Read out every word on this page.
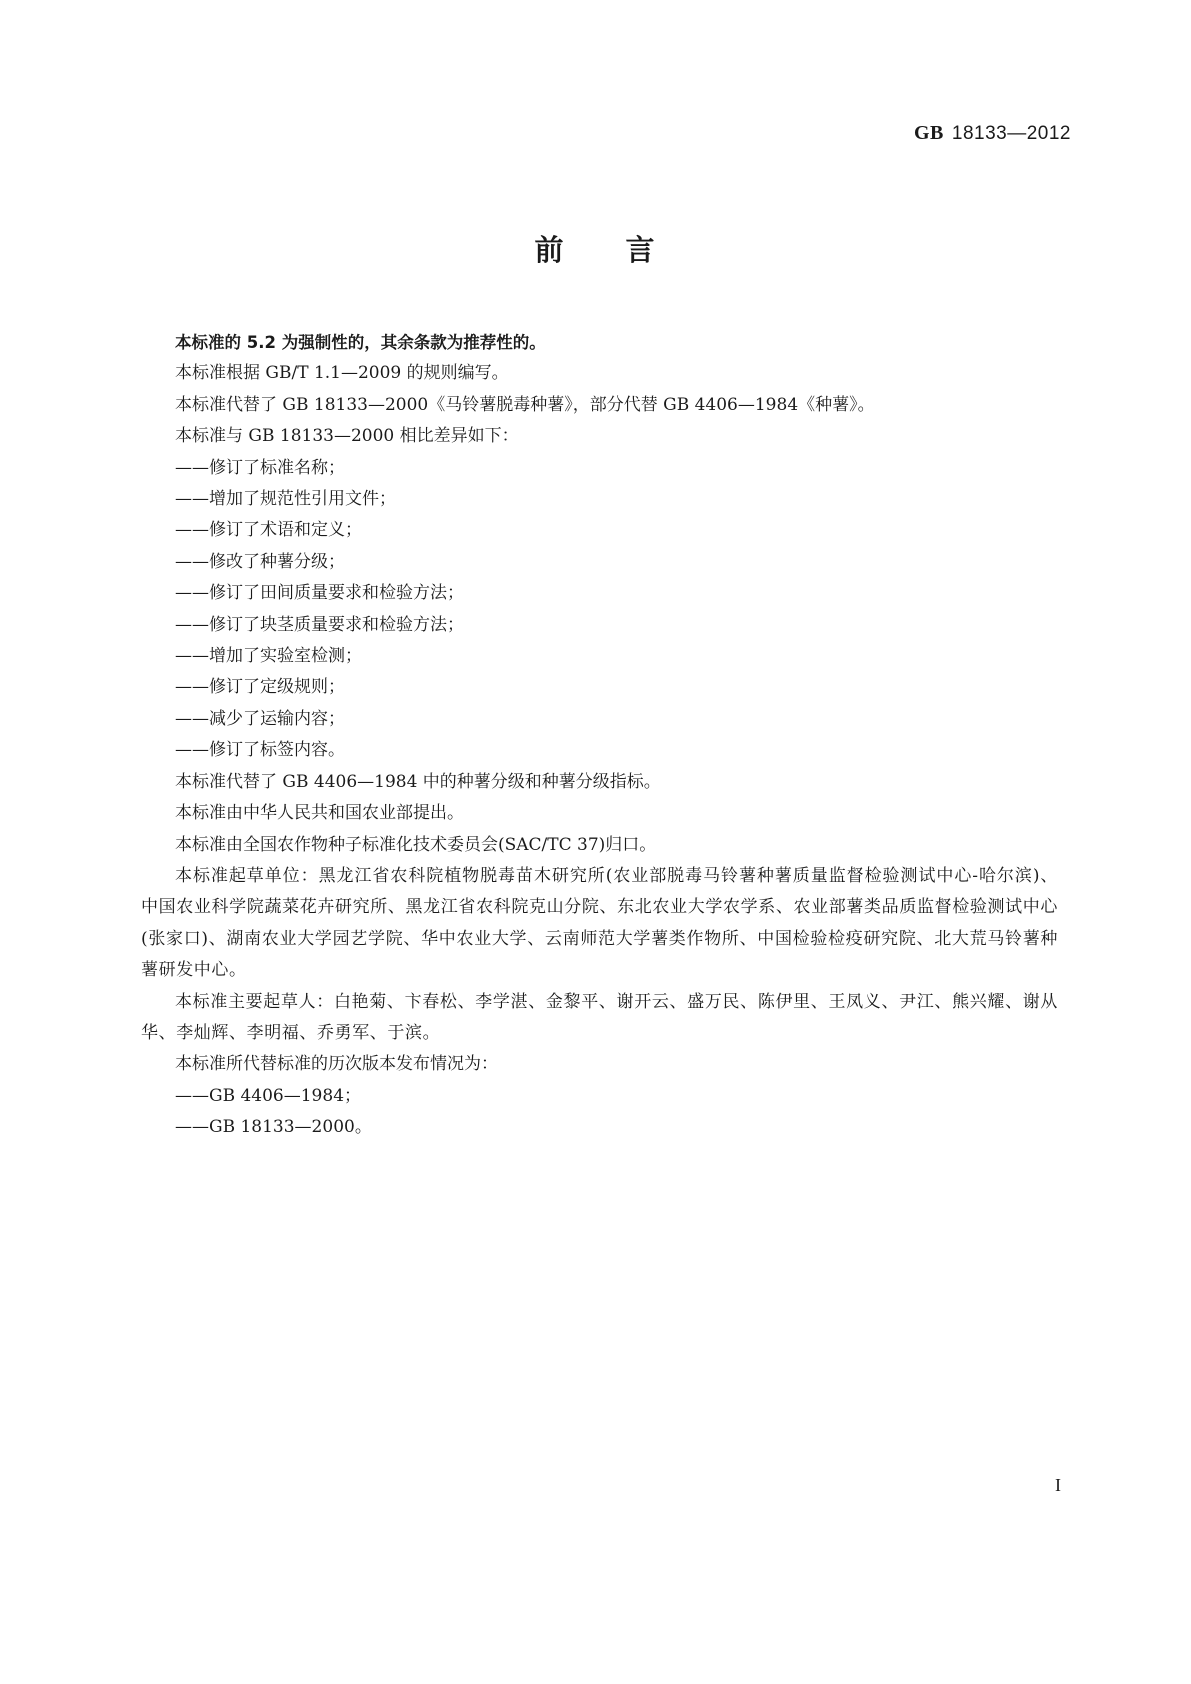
GB 18133—2012
前 言
本标准的 5.2 为强制性的，其余条款为推荐性的。
本标准根据 GB/T 1.1—2009 的规则编写。
本标准代替了 GB 18133—2000《马铃薯脱毒种薯》，部分代替 GB 4406—1984《种薯》。
本标准与 GB 18133—2000 相比差异如下：
——修订了标准名称；
——增加了规范性引用文件；
——修订了术语和定义；
——修改了种薯分级；
——修订了田间质量要求和检验方法；
——修订了块茎质量要求和检验方法；
——增加了实验室检测；
——修订了定级规则；
——减少了运输内容；
——修订了标签内容。
本标准代替了 GB 4406—1984 中的种薯分级和种薯分级指标。
本标准由中华人民共和国农业部提出。
本标准由全国农作物种子标准化技术委员会(SAC/TC 37)归口。
本标准起草单位：黑龙江省农科院植物脱毒苗木研究所(农业部脱毒马铃薯种薯质量监督检验测试中心-哈尔滨)、中国农业科学院蔬菜花卉研究所、黑龙江省农科院克山分院、东北农业大学农学系、农业部薯类品质监督检验测试中心(张家口)、湖南农业大学园艺学院、华中农业大学、云南师范大学薯类作物所、中国检验检疫研究院、北大荒马铃薯种薯研发中心。
本标准主要起草人：白艳菊、卞春松、李学湛、金黎平、谢开云、盛万民、陈伊里、王凤义、尹江、熊兴耀、谢从华、李灿辉、李明福、乔勇军、于滨。
本标准所代替标准的历次版本发布情况为：
——GB 4406—1984；
——GB 18133—2000。
I
